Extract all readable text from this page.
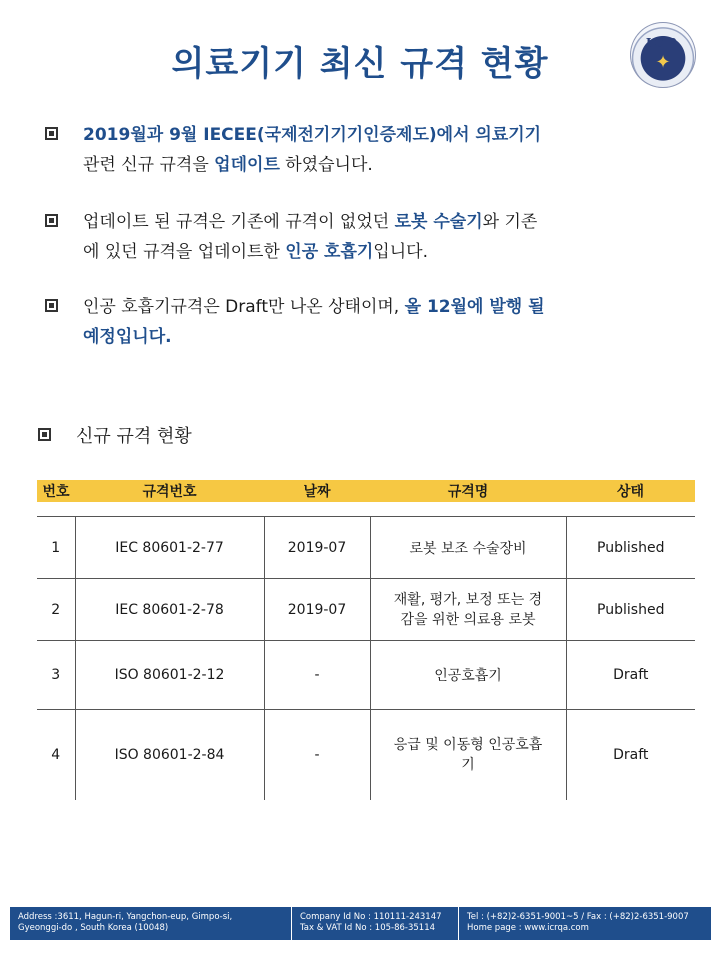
의료기기 최신 규격 현황
ICR
✦
2019월과 9월 IECEE(국제전기기기인증제도)에서 의료기기
관련 신규 규격을 업데이트 하였습니다.
업데이트 된 규격은 기존에 규격이 없었던 로봇 수술기와 기존
에 있던 규격을 업데이트한 인공 호흡기입니다.
인공 호흡기규격은 Draft만 나온 상태이며, 올 12월에 발행 될
예정입니다.
신규 규격 현황
번호	규격번호	날짜	규격명	상태

1	IEC 80601-2-77	2019-07	로봇 보조 수술장비	Published
2	IEC 80601-2-78	2019-07	재활, 평가, 보정 또는 경
감을 위한 의료용 로봇	Published
3	ISO 80601-2-12	-	인공호흡기	Draft
4	ISO 80601-2-84	-	응급 및 이동형 인공호흡
기	Draft
Address :3611, Hagun-ri, Yangchon-eup, Gimpo-si,
Gyeonggi-do , South Korea (10048)
Company Id No : 110111-243147
Tax & VAT Id No : 105-86-35114
Tel : (+82)2-6351-9001~5 / Fax : (+82)2-6351-9007
Home page : www.icrqa.com
